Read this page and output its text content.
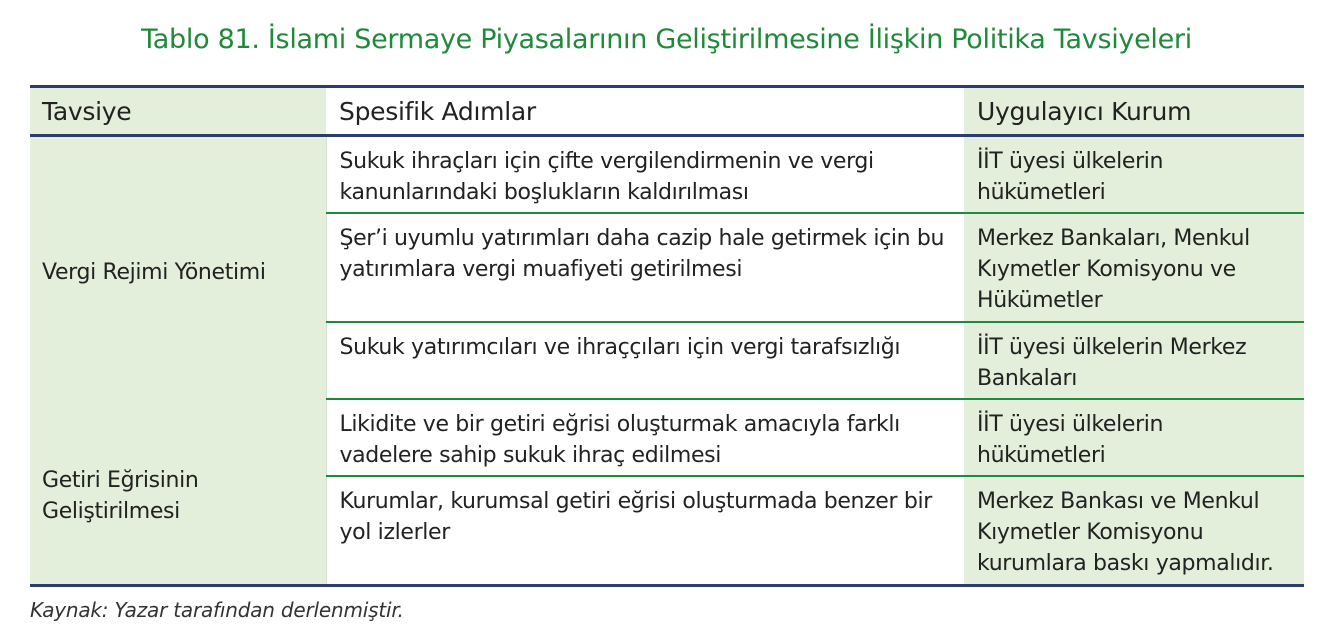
Tablo 81. İslami Sermaye Piyasalarının Geliştirilmesine İlişkin Politika Tavsiyeleri
Tavsiye	Spesifik Adımlar	Uygulayıcı Kurum
Vergi Rejimi Yönetimi	Sukuk ihraçları için çifte vergilendirmenin ve vergi kanunlarındaki boşlukların kaldırılması	İİT üyesi ülkelerin hükümetleri
	Şer’i uyumlu yatırımları daha cazip hale getirmek için bu yatırımlara vergi muafiyeti getirilmesi	Merkez Bankaları, Menkul Kıymetler Komisyonu ve Hükümetler
	Sukuk yatırımcıları ve ihraççıları için vergi tarafsızlığı	İİT üyesi ülkelerin Merkez Bankaları
Getiri Eğrisinin Geliştirilmesi	Likidite ve bir getiri eğrisi oluşturmak amacıyla farklı vadelere sahip sukuk ihraç edilmesi	İİT üyesi ülkelerin hükümetleri
	Kurumlar, kurumsal getiri eğrisi oluşturmada benzer bir yol izlerler	Merkez Bankası ve Menkul Kıymetler Komisyonu kurumlara baskı yapmalıdır.
Kaynak: Yazar tarafından derlenmiştir.
